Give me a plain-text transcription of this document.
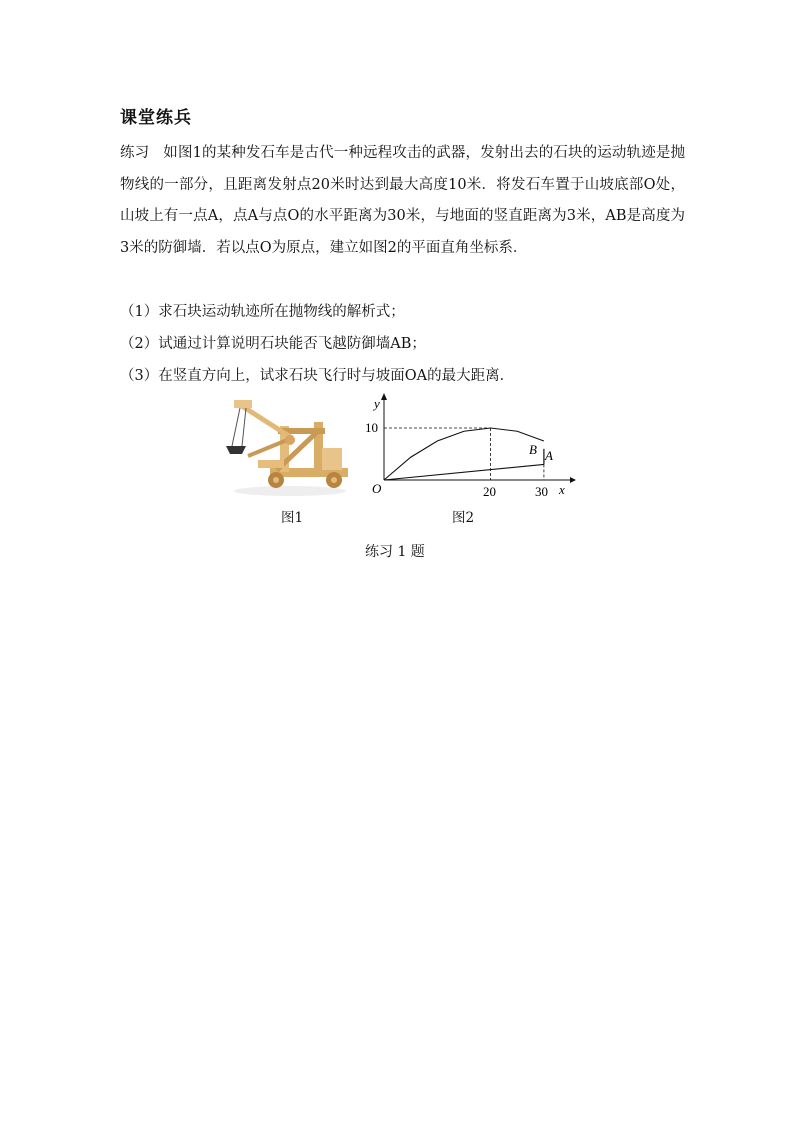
课堂练兵

练习 如图1的某种发石车是古代一种远程攻击的武器，发射出去的石块的运动轨迹是抛物线的一部分，且距离发射点20米时达到最大高度10米．将发石车置于山坡底部O处，山坡上有一点A，点A与点O的水平距离为30米，与地面的竖直距离为3米，AB是高度为3米的防御墙．若以点O为原点，建立如图2的平面直角坐标系．

（1）求石块运动轨迹所在抛物线的解析式；
（2）试通过计算说明石块能否飞越防御墙AB；
（3）在竖直方向上，试求石块飞行时与坡面OA的最大距离．
图1
y
x
O
10
20	30
B A
图2
练习 1 题
